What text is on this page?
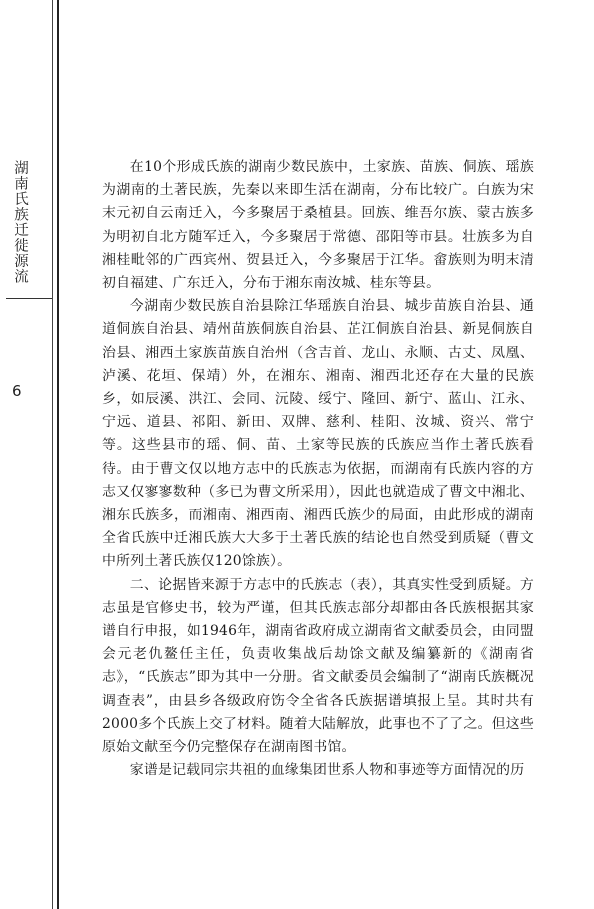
湖南氏族迁徙源流
6

在10个形成氏族的湖南少数民族中，土家族、苗族、侗族、瑶族为湖南的土著民族，先秦以来即生活在湖南，分布比较广。白族为宋末元初自云南迁入，今多聚居于桑植县。回族、维吾尔族、蒙古族多为明初自北方随军迁入，今多聚居于常德、邵阳等市县。壮族多为自湘桂毗邻的广西宾州、贺县迁入，今多聚居于江华。畲族则为明末清初自福建、广东迁入，分布于湘东南汝城、桂东等县。

今湖南少数民族自治县除江华瑶族自治县、城步苗族自治县、通道侗族自治县、靖州苗族侗族自治县、芷江侗族自治县、新晃侗族自治县、湘西土家族苗族自治州（含吉首、龙山、永顺、古丈、凤凰、泸溪、花垣、保靖）外，在湘东、湘南、湘西北还存在大量的民族乡，如辰溪、洪江、会同、沅陵、绥宁、隆回、新宁、蓝山、江永、宁远、道县、祁阳、新田、双牌、慈利、桂阳、汝城、资兴、常宁等。这些县市的瑶、侗、苗、土家等民族的氏族应当作土著氏族看待。由于曹文仅以地方志中的氏族志为依据，而湖南有氏族内容的方志又仅寥寥数种（多已为曹文所采用），因此也就造成了曹文中湘北、湘东氏族多，而湘南、湘西南、湘西氏族少的局面，由此形成的湖南全省氏族中迁湘氏族大大多于土著氏族的结论也自然受到质疑（曹文中所列土著氏族仅120馀族）。

二、论据皆来源于方志中的氏族志（表），其真实性受到质疑。方志虽是官修史书，较为严谨，但其氏族志部分却都由各氏族根据其家谱自行申报，如1946年，湖南省政府成立湖南省文献委员会，由同盟会元老仇鳌任主任，负责收集战后劫馀文献及编纂新的《湖南省志》，“氏族志”即为其中一分册。省文献委员会编制了“湖南氏族概况调查表”，由县乡各级政府饬令全省各氏族据谱填报上呈。其时共有2000多个氏族上交了材料。随着大陆解放，此事也不了了之。但这些原始文献至今仍完整保存在湖南图书馆。

家谱是记载同宗共祖的血缘集团世系人物和事迹等方面情况的历
